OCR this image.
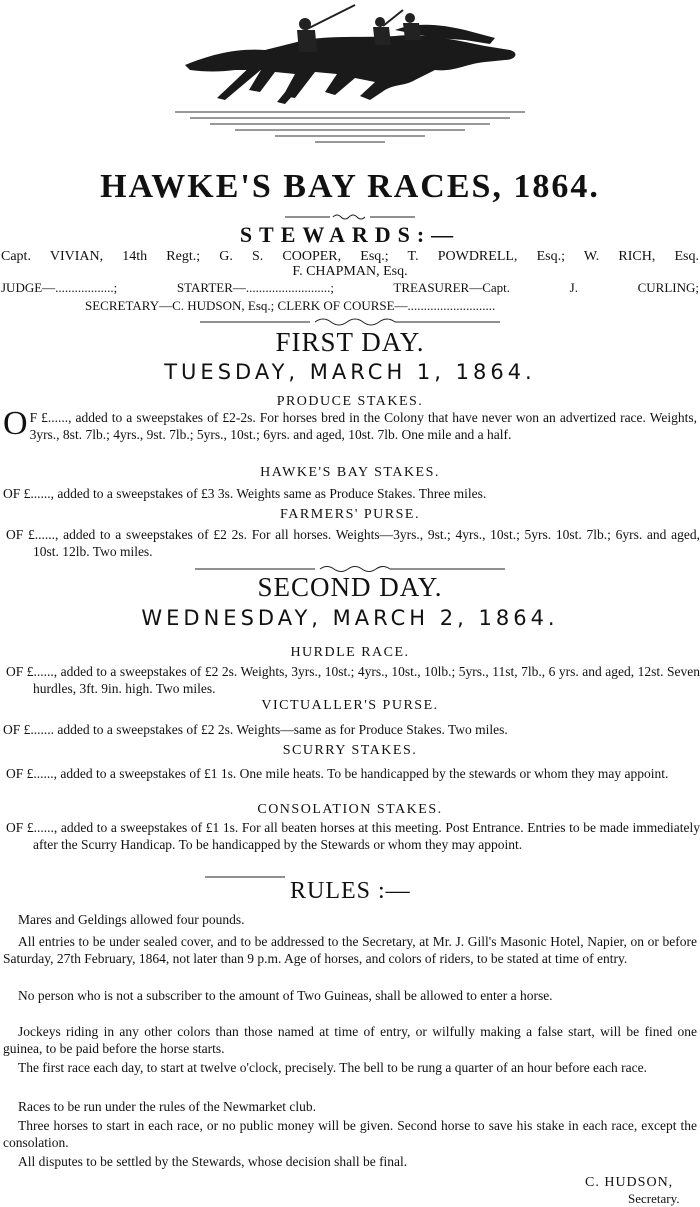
HAWKE'S BAY RACES, 1864.
STEWARDS:—
Capt. VIVIAN, 14th Regt.; G. S. COOPER, Esq.; T. POWDRELL, Esq.; W. RICH, Esq.
F. CHAPMAN, Esq.
JUDGE—..................; STARTER—..........................; TREASURER—Capt. J. CURLING;
SECRETARY—C. HUDSON, Esq.; CLERK OF COURSE—...........................
FIRST DAY.
TUESDAY, MARCH 1, 1864.
PRODUCE STAKES.
O F £......, added to a sweepstakes of £2-2s. For horses bred in the Colony that have never won an advertized race. Weights, 3yrs., 8st. 7lb.; 4yrs., 9st. 7lb.; 5yrs., 10st.; 6yrs. and aged, 10st. 7lb. One mile and a half.
HAWKE'S BAY STAKES.
OF £......, added to a sweepstakes of £3 3s. Weights same as Produce Stakes. Three miles.
FARMERS' PURSE.
OF £......, added to a sweepstakes of £2 2s. For all horses. Weights—3yrs., 9st.; 4yrs., 10st.; 5yrs. 10st. 7lb.; 6yrs. and aged, 10st. 12lb. Two miles.
SECOND DAY.
WEDNESDAY, MARCH 2, 1864.
HURDLE RACE.
OF £......, added to a sweepstakes of £2 2s. Weights, 3yrs., 10st.; 4yrs., 10st., 10lb.; 5yrs., 11st, 7lb., 6 yrs. and aged, 12st. Seven hurdles, 3ft. 9in. high. Two miles.
VICTUALLER'S PURSE.
OF £....... added to a sweepstakes of £2 2s. Weights—same as for Produce Stakes. Two miles.
SCURRY STAKES.
OF £......, added to a sweepstakes of £1 1s. One mile heats. To be handicapped by the stewards or whom they may appoint.
CONSOLATION STAKES.
OF £......, added to a sweepstakes of £1 1s. For all beaten horses at this meeting. Post Entrance. Entries to be made immediately after the Scurry Handicap. To be handicapped by the Stewards or whom they may appoint.
RULES :—
Mares and Geldings allowed four pounds.
All entries to be under sealed cover, and to be addressed to the Secretary, at Mr. J. Gill's Masonic Hotel, Napier, on or before Saturday, 27th February, 1864, not later than 9 p.m. Age of horses, and colors of riders, to be stated at time of entry.
No person who is not a subscriber to the amount of Two Guineas, shall be allowed to enter a horse.
Jockeys riding in any other colors than those named at time of entry, or wilfully making a false start, will be fined one guinea, to be paid before the horse starts.
The first race each day, to start at twelve o'clock, precisely. The bell to be rung a quarter of an hour before each race.
Races to be run under the rules of the Newmarket club.
Three horses to start in each race, or no public money will be given. Second horse to save his stake in each race, except the consolation.
All disputes to be settled by the Stewards, whose decision shall be final.
C. HUDSON,
Secretary.
